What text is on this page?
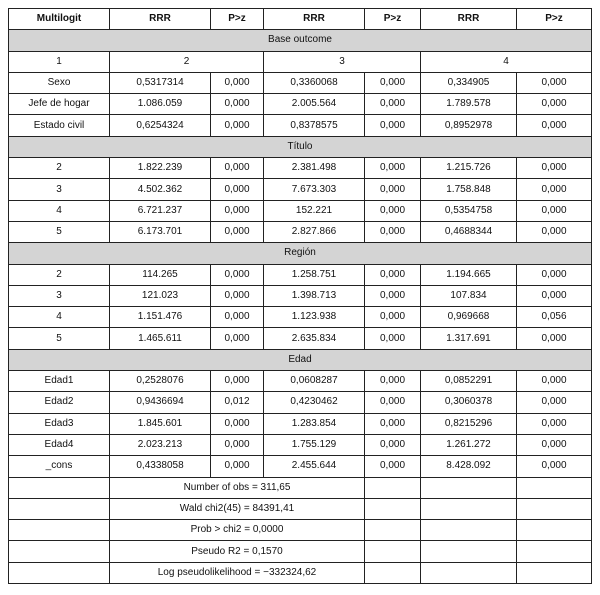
Multilogit	RRR	P>z	RRR	P>z	RRR	P>z
Base outcome						
1	2		3		4	
Sexo	0,5317314	0,000	0,3360068	0,000	0,334905	0,000
Jefe de hogar	1.086.059	0,000	2.005.564	0,000	1.789.578	0,000
Estado civil	0,6254324	0,000	0,8378575	0,000	0,8952978	0,000
Título						
2	1.822.239	0,000	2.381.498	0,000	1.215.726	0,000
3	4.502.362	0,000	7.673.303	0,000	1.758.848	0,000
4	6.721.237	0,000	152.221	0,000	0,5354758	0,000
5	6.173.701	0,000	2.827.866	0,000	0,4688344	0,000
Región						
2	114.265	0,000	1.258.751	0,000	1.194.665	0,000
3	121.023	0,000	1.398.713	0,000	107.834	0,000
4	1.151.476	0,000	1.123.938	0,000	0,969668	0,056
5	1.465.611	0,000	2.635.834	0,000	1.317.691	0,000
Edad						
Edad1	0,2528076	0,000	0,0608287	0,000	0,0852291	0,000
Edad2	0,9436694	0,012	0,4230462	0,000	0,3060378	0,000
Edad3	1.845.601	0,000	1.283.854	0,000	0,8215296	0,000
Edad4	2.023.213	0,000	1.755.129	0,000	1.261.272	0,000
_cons	0,4338058	0,000	2.455.644	0,000	8.428.092	0,000
	Number of obs = 311,65					
	Wald chi2(45) = 84391,41					
	Prob > chi2 = 0,0000					
	Pseudo R2 = 0,1570					
	Log pseudolikelihood = −332324,62					
